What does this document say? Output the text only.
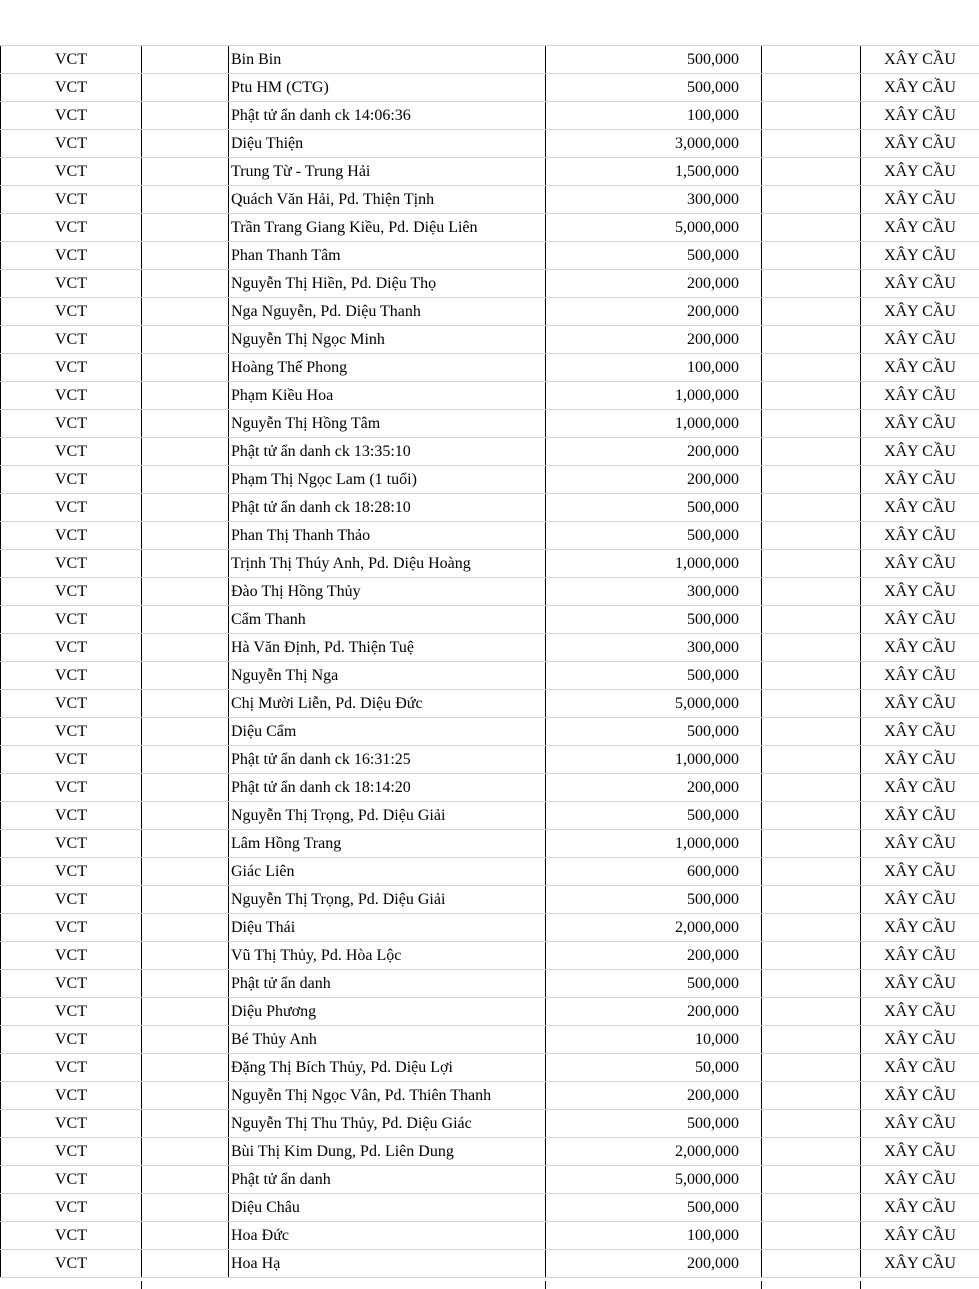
VCT		Bin Bin	500,000		XÂY CẦU
VCT		Ptu HM (CTG)	500,000		XÂY CẦU
VCT		Phật tử ẩn danh ck 14:06:36	100,000		XÂY CẦU
VCT		Diệu Thiện	3,000,000		XÂY CẦU
VCT		Trung Từ - Trung Hải	1,500,000		XÂY CẦU
VCT		Quách Văn Hải, Pd. Thiện Tịnh	300,000		XÂY CẦU
VCT		Trần Trang Giang Kiều, Pd. Diệu Liên	5,000,000		XÂY CẦU
VCT		Phan Thanh Tâm	500,000		XÂY CẦU
VCT		Nguyễn Thị Hiền, Pd. Diệu Thọ	200,000		XÂY CẦU
VCT		Nga Nguyễn, Pd. Diệu Thanh	200,000		XÂY CẦU
VCT		Nguyễn Thị Ngọc Minh	200,000		XÂY CẦU
VCT		Hoàng Thế Phong	100,000		XÂY CẦU
VCT		Phạm Kiều Hoa	1,000,000		XÂY CẦU
VCT		Nguyễn Thị Hồng Tâm	1,000,000		XÂY CẦU
VCT		Phật tử ẩn danh ck 13:35:10	200,000		XÂY CẦU
VCT		Phạm Thị Ngọc Lam (1 tuổi)	200,000		XÂY CẦU
VCT		Phật tử ẩn danh ck 18:28:10	500,000		XÂY CẦU
VCT		Phan Thị Thanh Thảo	500,000		XÂY CẦU
VCT		Trịnh Thị Thúy Anh, Pd. Diệu Hoàng	1,000,000		XÂY CẦU
VCT		Đào Thị Hồng Thủy	300,000		XÂY CẦU
VCT		Cẩm Thanh	500,000		XÂY CẦU
VCT		Hà Văn Định, Pd. Thiện Tuệ	300,000		XÂY CẦU
VCT		Nguyễn Thị Nga	500,000		XÂY CẦU
VCT		Chị Mười Liễn, Pd. Diệu Đức	5,000,000		XÂY CẦU
VCT		Diệu Cẩm	500,000		XÂY CẦU
VCT		Phật tử ẩn danh ck 16:31:25	1,000,000		XÂY CẦU
VCT		Phật tử ẩn danh ck 18:14:20	200,000		XÂY CẦU
VCT		Nguyễn Thị Trọng, Pd. Diệu Giải	500,000		XÂY CẦU
VCT		Lâm Hồng Trang	1,000,000		XÂY CẦU
VCT		Giác Liên	600,000		XÂY CẦU
VCT		Nguyễn Thị Trọng, Pd. Diệu Giải	500,000		XÂY CẦU
VCT		Diệu Thái	2,000,000		XÂY CẦU
VCT		Vũ Thị Thủy, Pd. Hòa Lộc	200,000		XÂY CẦU
VCT		Phật tử ẩn danh	500,000		XÂY CẦU
VCT		Diệu Phương	200,000		XÂY CẦU
VCT		Bé Thủy Anh	10,000		XÂY CẦU
VCT		Đặng Thị Bích Thủy, Pd. Diệu Lợi	50,000		XÂY CẦU
VCT		Nguyễn Thị Ngọc Vân, Pd. Thiên Thanh	200,000		XÂY CẦU
VCT		Nguyễn Thị Thu Thủy, Pd. Diệu Giác	500,000		XÂY CẦU
VCT		Bùi Thị Kim Dung, Pd. Liên Dung	2,000,000		XÂY CẦU
VCT		Phật tử ẩn danh	5,000,000		XÂY CẦU
VCT		Diệu Châu	500,000		XÂY CẦU
VCT		Hoa Đức	100,000		XÂY CẦU
VCT		Hoa Hạ	200,000		XÂY CẦU
